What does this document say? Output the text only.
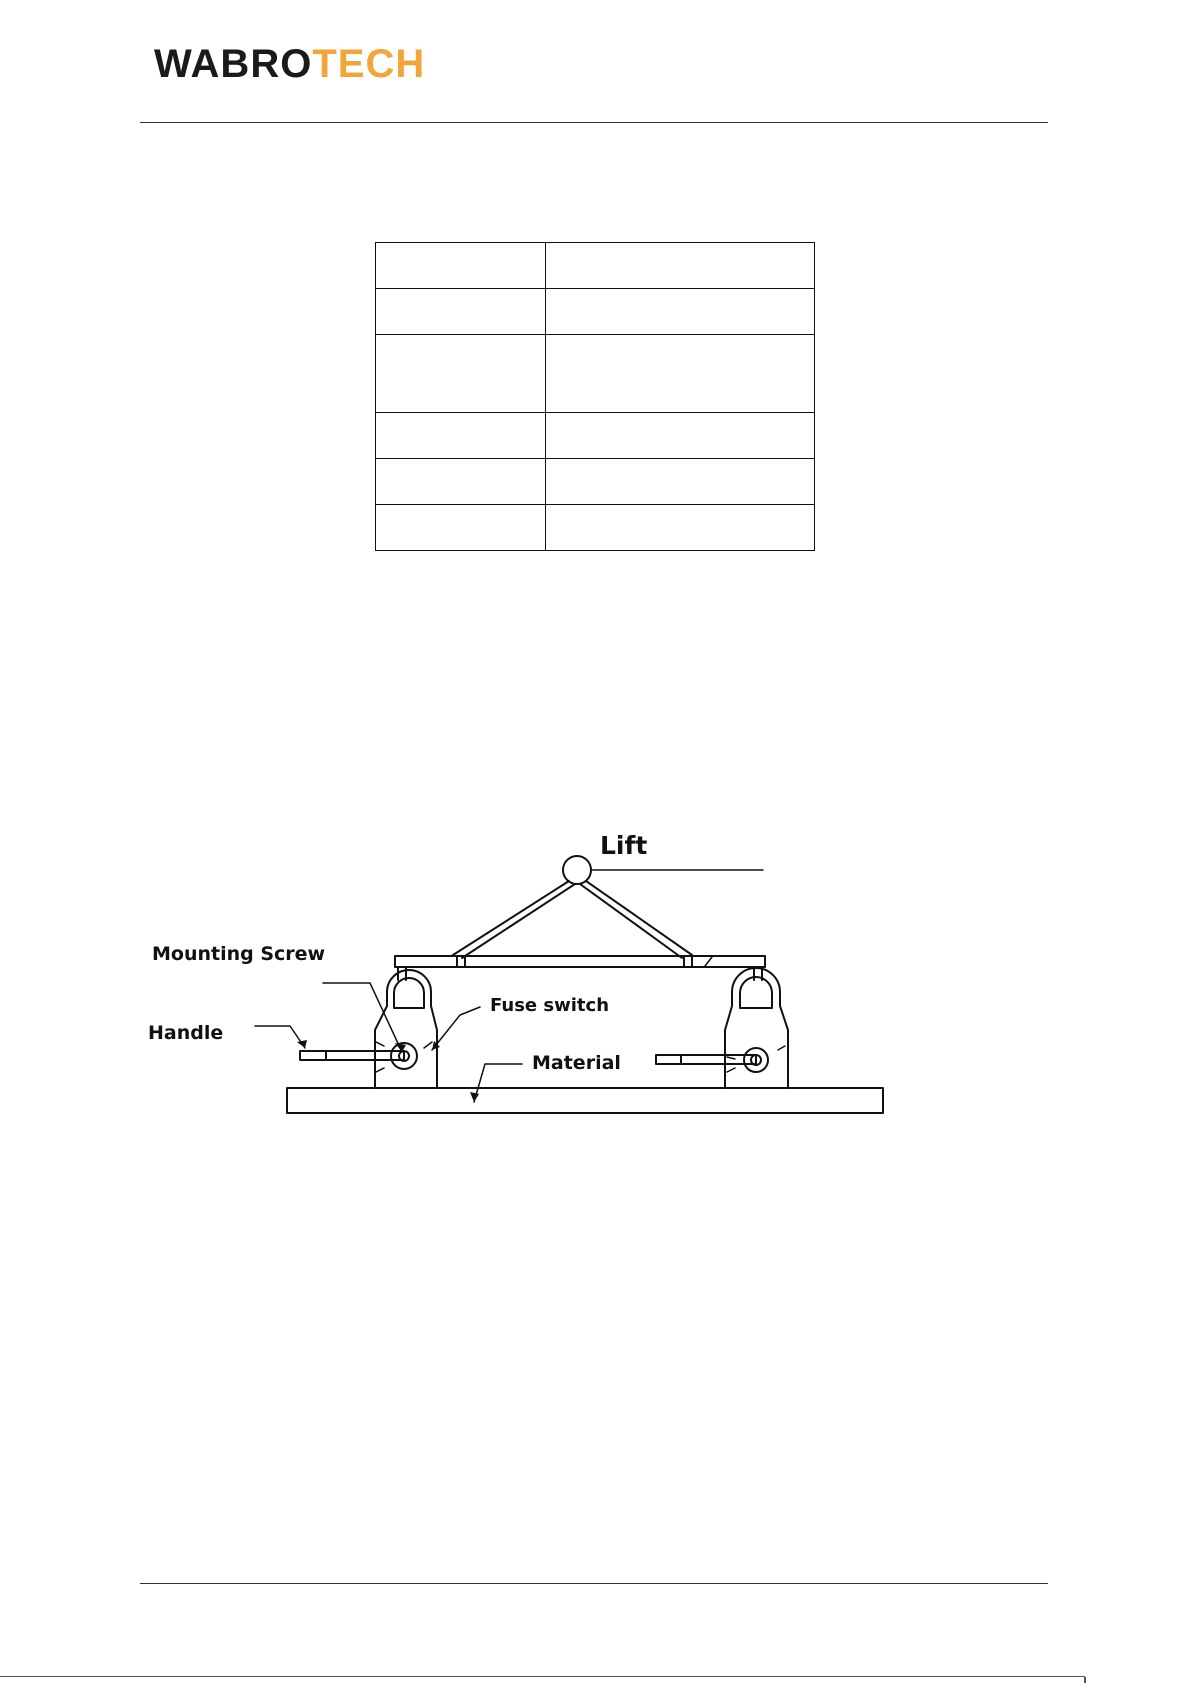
WABROTECH

Lift
Mounting Screw
Fuse switch
Handle
Material
